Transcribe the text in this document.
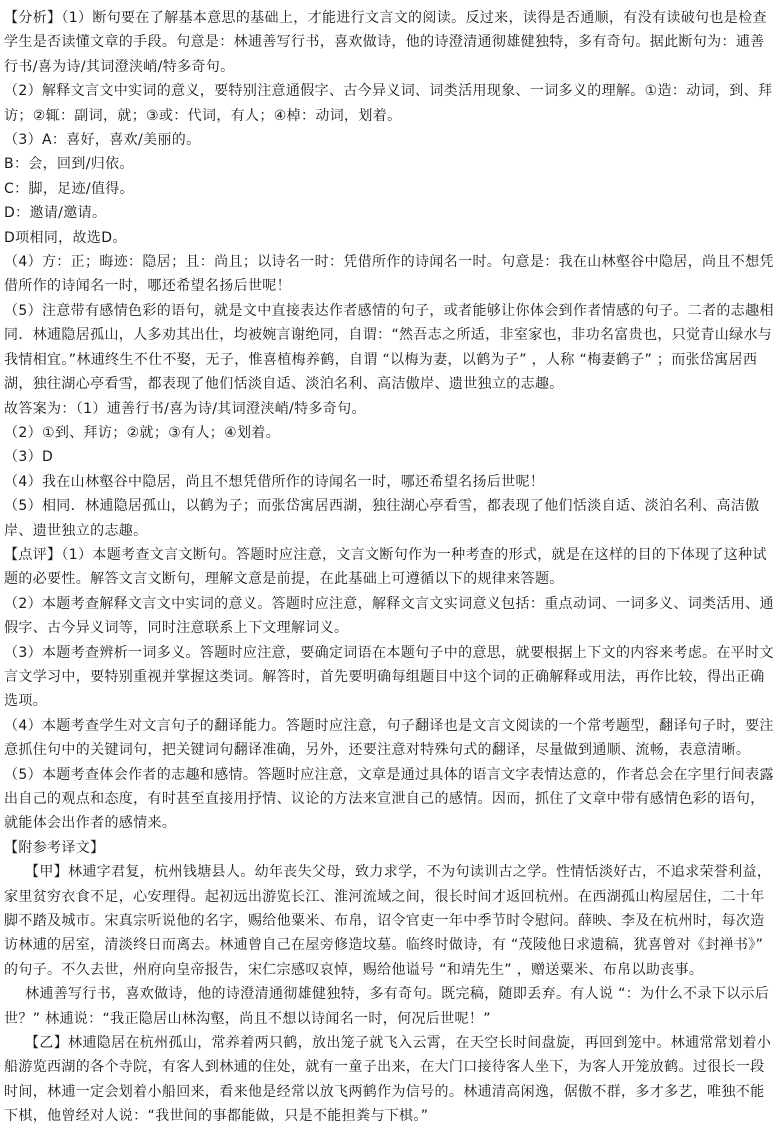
【分析】（1）断句要在了解基本意思的基础上，才能进行文言文的阅读。反过来，读得是否通顺，有没有读破句也是检查学生是否读懂文章的手段。句意是：林逋善写行书，喜欢做诗，他的诗澄清通彻雄健独特，多有奇句。据此断句为：逋善行书/喜为诗/其词澄浃峭/特多奇句。

（2）解释文言文中实词的意义，要特别注意通假字、古今异义词、词类活用现象、一词多义的理解。①造：动词，到、拜访；②辄：副词，就；③或：代词，有人；④棹：动词，划着。

（3）A：喜好，喜欢/美丽的。

B：会，回到/归依。

C：脚，足迹/值得。

D：邀请/邀请。

D项相同，故选D。

（4）方：正；晦迹：隐居；且：尚且；以诗名一时：凭借所作的诗闻名一时。句意是：我在山林壑谷中隐居，尚且不想凭借所作的诗闻名一时，哪还希望名扬后世呢！

（5）注意带有感情色彩的语句，就是文中直接表达作者感情的句子，或者能够让你体会到作者情感的句子。二者的志趣相同．林逋隐居孤山，人多劝其出仕，均被婉言谢绝同，自谓：“然吾志之所适，非室家也，非功名富贵也，只觉青山绿水与我情相宜。”林逋终生不仕不娶，无子，惟喜植梅养鹤，自谓 “以梅为妻，以鹤为子” ，人称 “梅妻鹤子” ；而张岱寓居西湖，独往湖心亭看雪，都表现了他们恬淡自适、淡泊名利、高洁傲岸、遗世独立的志趣。

故答案为：（1）逋善行书/喜为诗/其词澄浃峭/特多奇句。

（2）①到、拜访；②就；③有人；④划着。

（3）D

（4）我在山林壑谷中隐居，尚且不想凭借所作的诗闻名一时，哪还希望名扬后世呢！

（5）相同．林逋隐居孤山，以鹤为子；而张岱寓居西湖，独往湖心亭看雪，都表现了他们恬淡自适、淡泊名利、高洁傲岸、遗世独立的志趣。

【点评】（1）本题考查文言文断句。答题时应注意，文言文断句作为一种考查的形式，就是在这样的目的下体现了这种试题的必要性。解答文言文断句，理解文意是前提，在此基础上可遵循以下的规律来答题。

（2）本题考查解释文言文中实词的意义。答题时应注意，解释文言文实词意义包括：重点动词、一词多义、词类活用、通假字、古今异义词等，同时注意联系上下文理解词义。

（3）本题考查辨析一词多义。答题时应注意，要确定词语在本题句子中的意思，就要根据上下文的内容来考虑。在平时文言文学习中，要特别重视并掌握这类词。解答时，首先要明确每组题目中这个词的正确解释或用法，再作比较，得出正确选项。

（4）本题考查学生对文言句子的翻译能力。答题时应注意，句子翻译也是文言文阅读的一个常考题型，翻译句子时，要注意抓住句中的关键词句，把关键词句翻译准确，另外，还要注意对特殊句式的翻译，尽量做到通顺、流畅，表意清晰。

（5）本题考查体会作者的志趣和感情。答题时应注意，文章是通过具体的语言文字表情达意的，作者总会在字里行间表露出自己的观点和态度，有时甚至直接用抒情、议论的方法来宣泄自己的感情。因而，抓住了文章中带有感情色彩的语句，就能体会出作者的感情来。

【附参考译文】

【甲】林逋字君复，杭州钱塘县人。幼年丧失父母，致力求学，不为句读训古之学。性情恬淡好古，不追求荣誉利益，家里贫穷衣食不足，心安理得。起初远出游览长江、淮河流域之间，很长时间才返回杭州。在西湖孤山构屋居住，二十年脚不踏及城市。宋真宗听说他的名字，赐给他粟米、布帛，诏令官吏一年中季节时令慰问。薛映、李及在杭州时，每次造访林逋的居室，清淡终日而离去。林逋曾自己在屋旁修造坟墓。临终时做诗，有 “茂陵他日求遗稿，犹喜曾对《封禅书》” 的句子。不久去世，州府向皇帝报告，宋仁宗感叹哀悼，赐给他谥号 “和靖先生” ，赠送粟米、布帛以助丧事。

林逋善写行书，喜欢做诗，他的诗澄清通彻雄健独特，多有奇句。既完稿，随即丢弃。有人说 “：为什么不录下以示后世？” 林逋说：“我正隐居山林沟壑，尚且不想以诗闻名一时，何况后世呢！”

【乙】林逋隐居在杭州孤山，常养着两只鹤，放出笼子就飞入云霄，在天空长时间盘旋，再回到笼中。林逋常常划着小船游览西湖的各个寺院，有客人到林逋的住处，就有一童子出来，在大门口接待客人坐下，为客人开笼放鹤。过很长一段时间，林逋一定会划着小船回来，看来他是经常以放飞两鹤作为信号的。林逋清高闲逸，倨傲不群，多才多艺，唯独不能下棋，他曾经对人说：“我世间的事都能做，只是不能担粪与下棋。”
